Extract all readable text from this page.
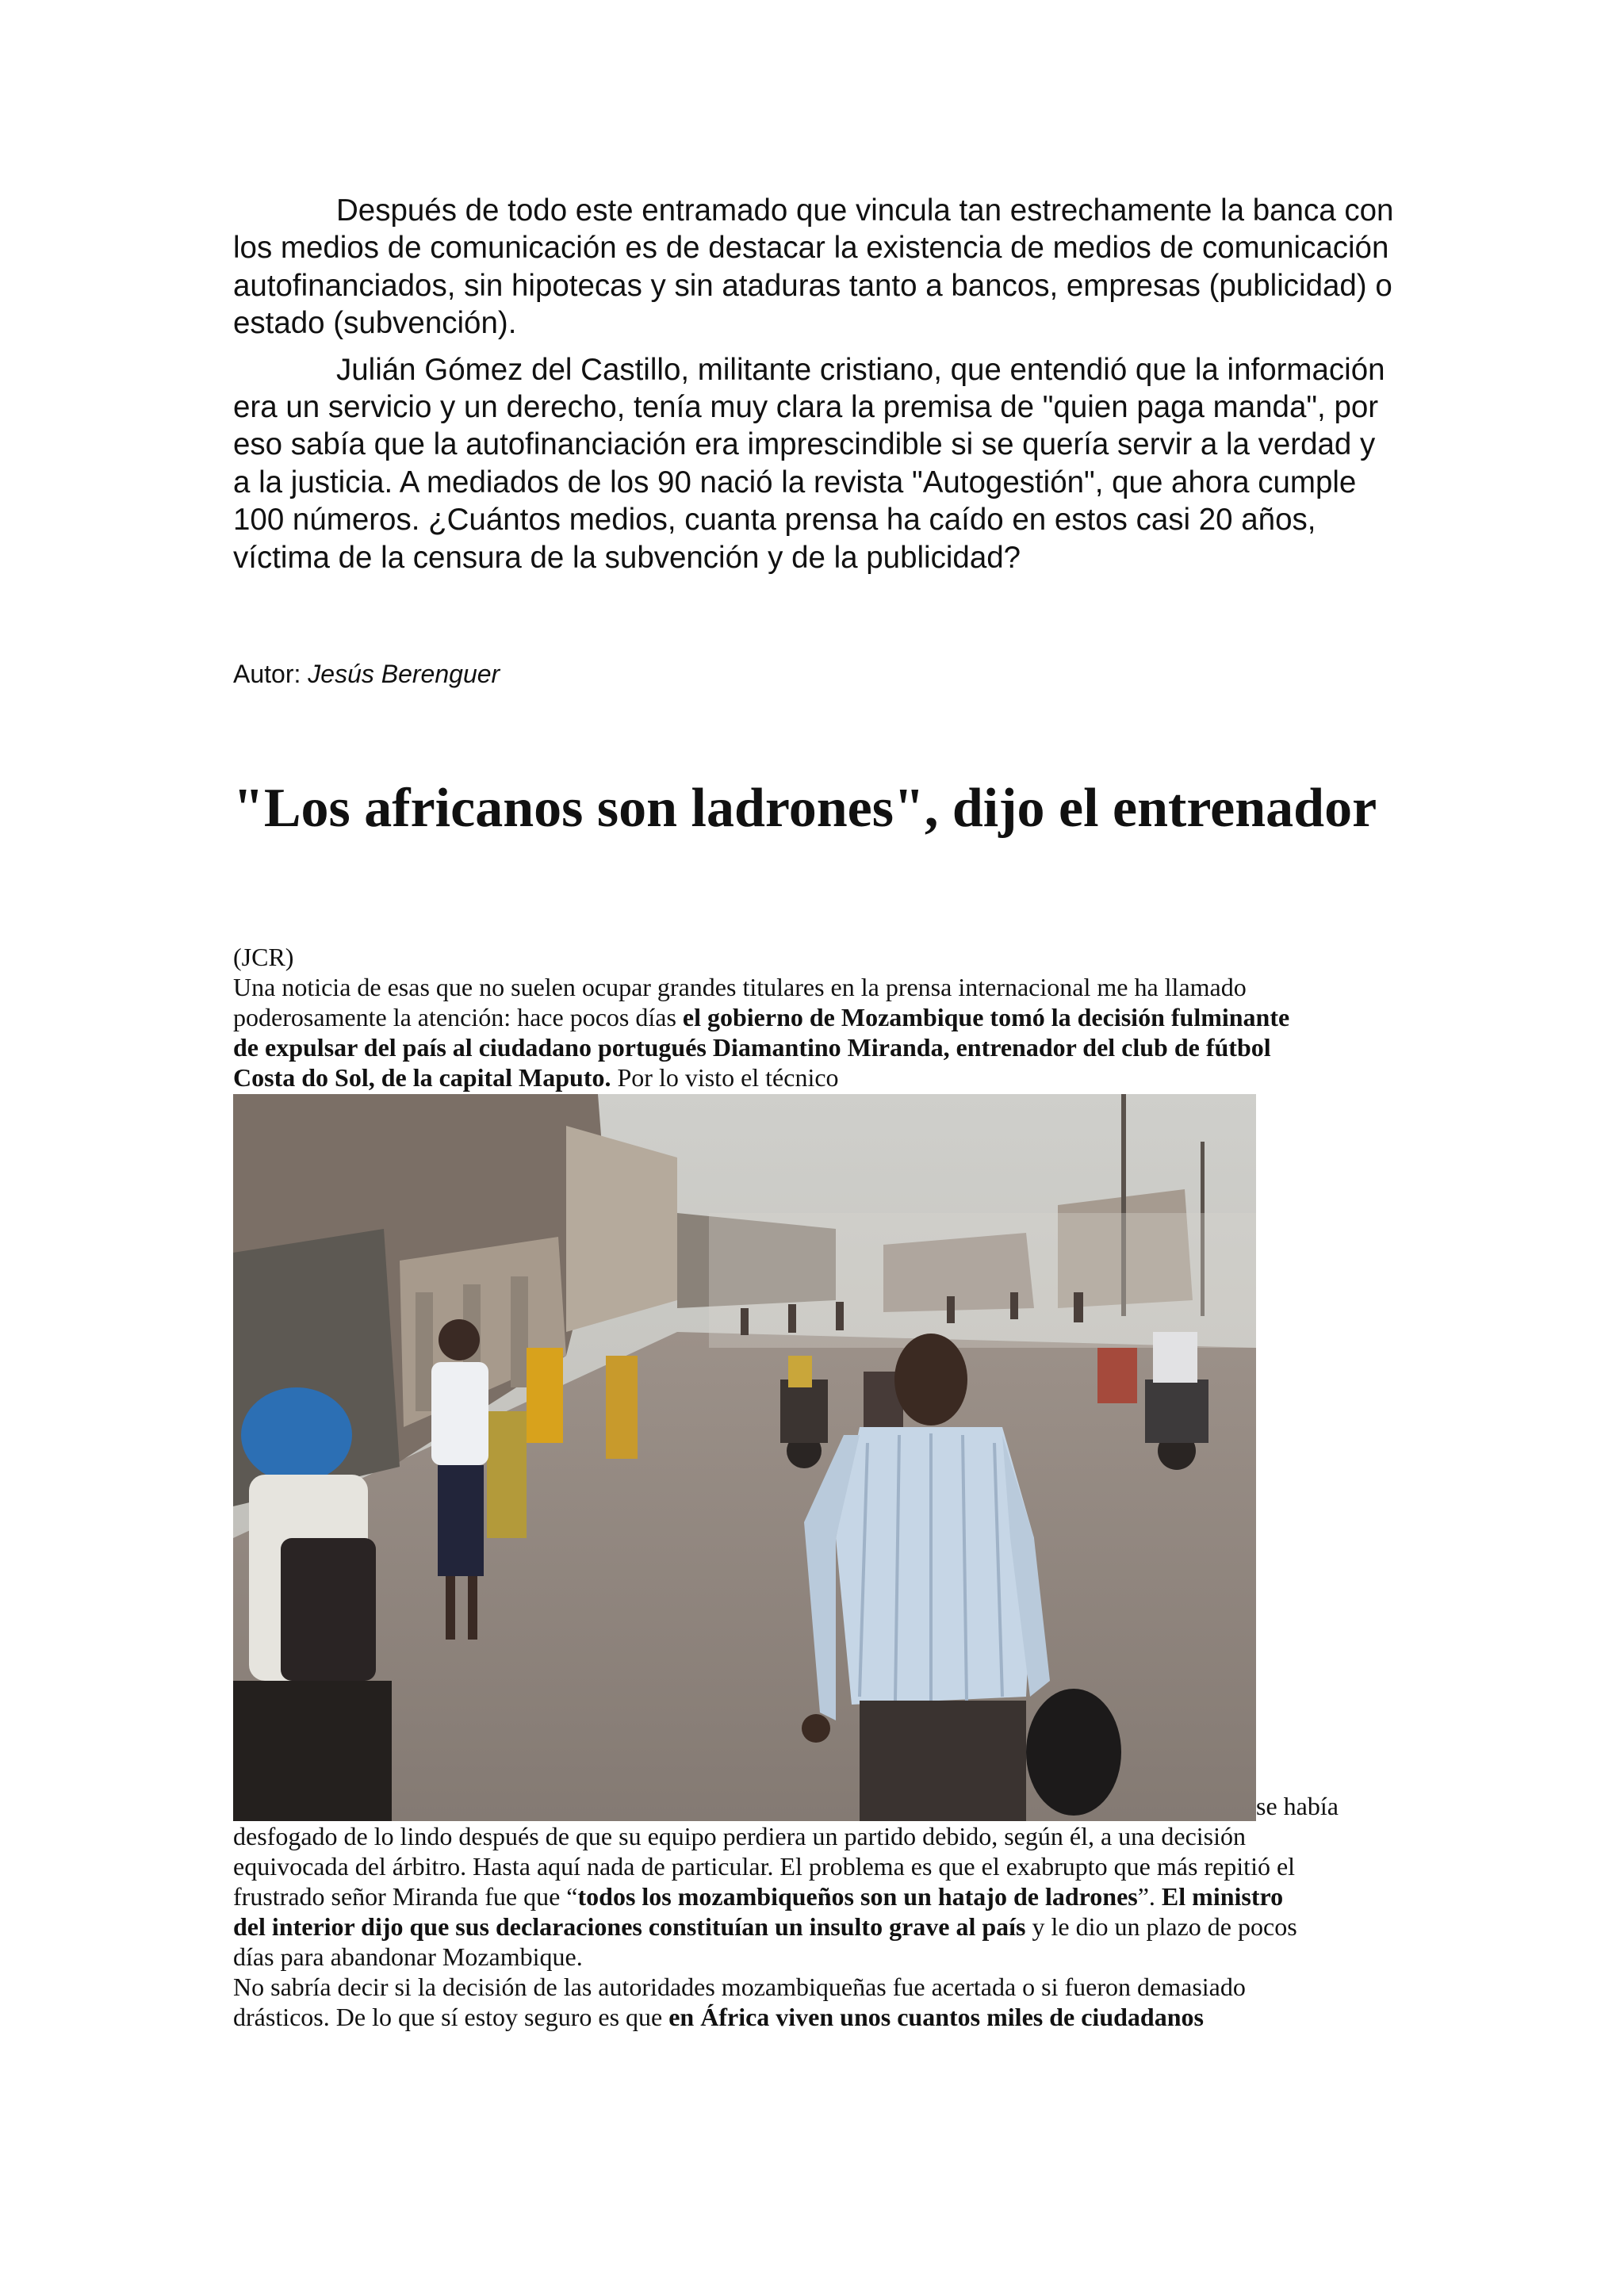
Después de todo este entramado que vincula tan estrechamente la banca con los medios de comunicación es de destacar la existencia de medios de comunicación autofinanciados, sin hipotecas y sin ataduras tanto a bancos, empresas (publicidad) o estado (subvención).

Julián Gómez del Castillo, militante cristiano, que entendió que la información era un servicio y un derecho, tenía muy clara la premisa de "quien paga manda", por eso sabía que la autofinanciación era imprescindible si se quería servir a la verdad y a la justicia. A mediados de los 90 nació la revista "Autogestión", que ahora cumple 100 números. ¿Cuántos medios, cuanta prensa ha caído en estos casi 20 años, víctima de la censura de la subvención y de la publicidad?

Autor: Jesús Berenguer
"Los africanos son ladrones", dijo el entrenador
(JCR)
Una noticia de esas que no suelen ocupar grandes titulares en la prensa internacional me ha llamado
poderosamente la atención: hace pocos días el gobierno de Mozambique tomó la decisión fulminante
de expulsar del país al ciudadano portugués Diamantino Miranda, entrenador del club de fútbol
Costa do Sol, de la capital Maputo. Por lo visto el técnico
se había
desfogado de lo lindo después de que su equipo perdiera un partido debido, según él, a una decisión
equivocada del árbitro. Hasta aquí nada de particular. El problema es que el exabrupto que más repitió el
frustrado señor Miranda fue que “todos los mozambiqueños son un hatajo de ladrones”. El ministro
del interior dijo que sus declaraciones constituían un insulto grave al país y le dio un plazo de pocos
días para abandonar Mozambique.
No sabría decir si la decisión de las autoridades mozambiqueñas fue acertada o si fueron demasiado
drásticos. De lo que sí estoy seguro es que en África viven unos cuantos miles de ciudadanos
